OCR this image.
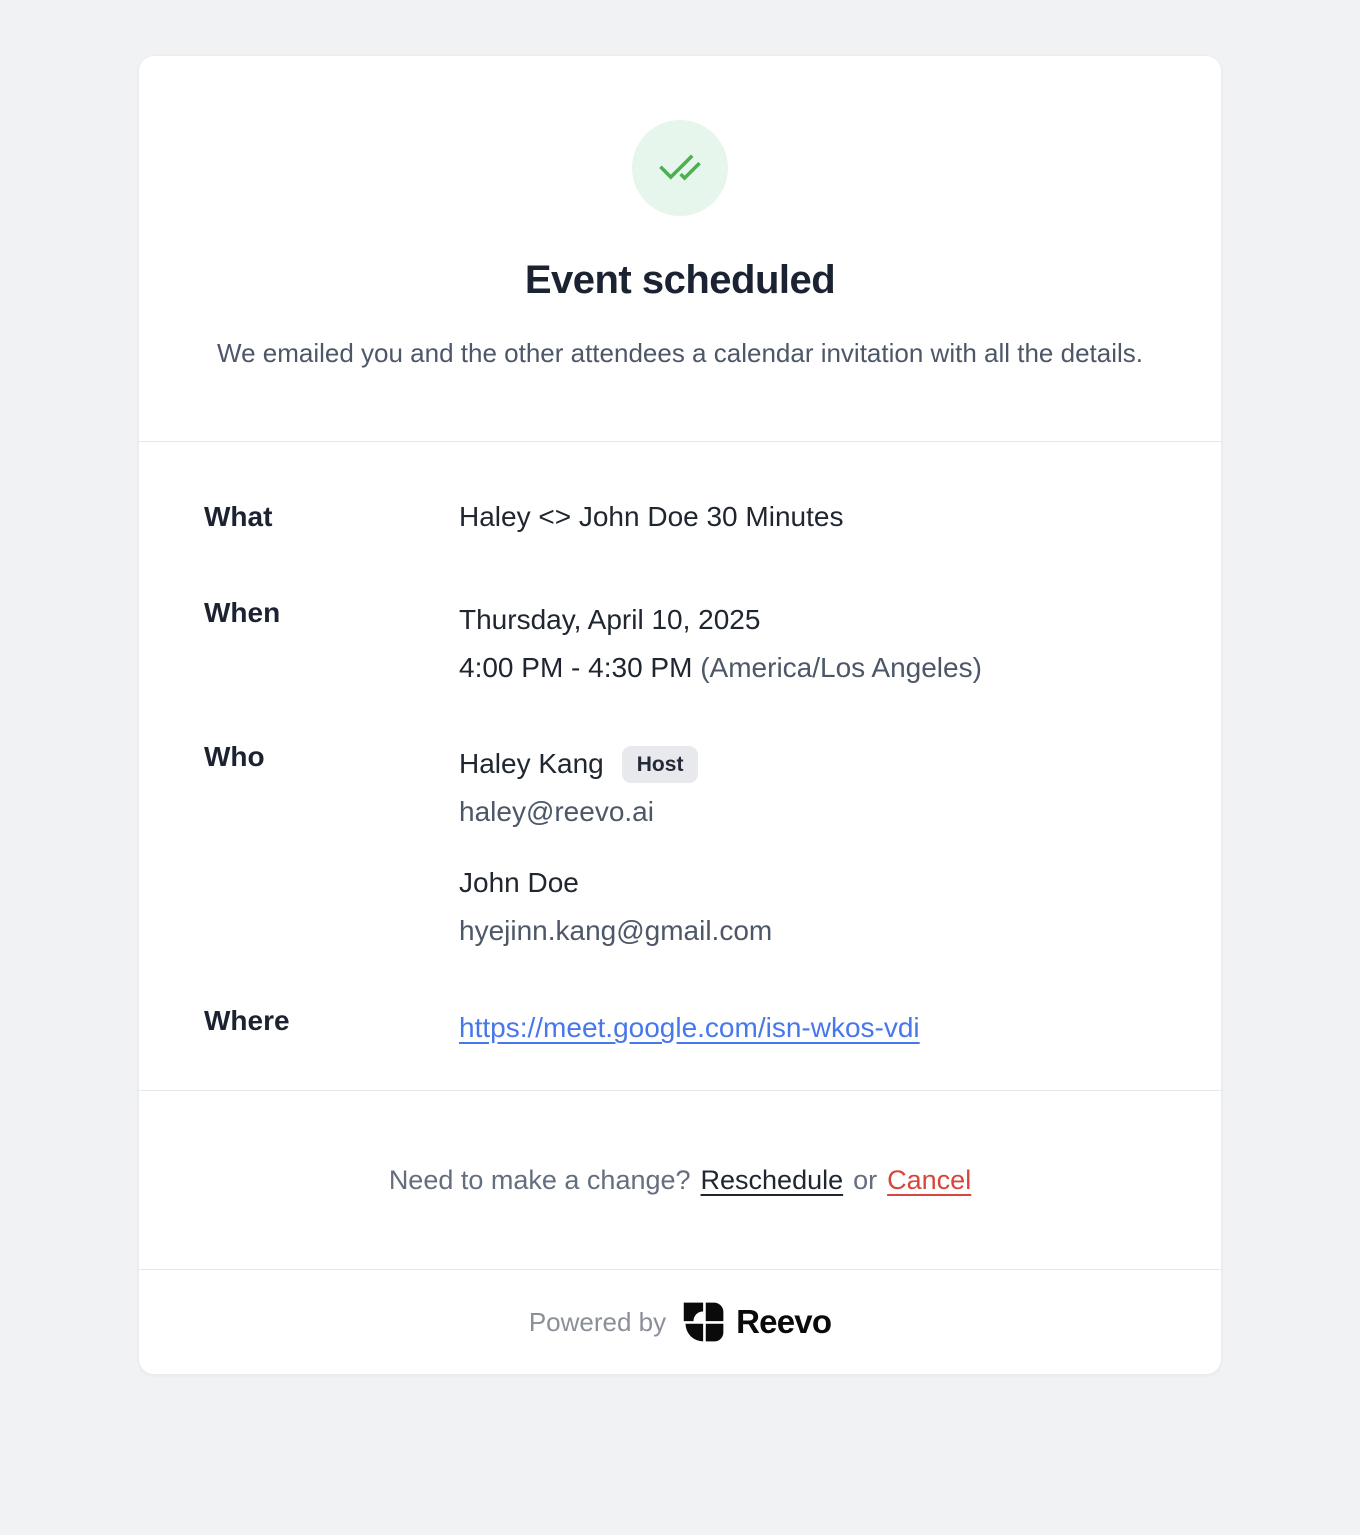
Event scheduled

We emailed you and the other attendees a calendar invitation with all the details.

What	Haley <> John Doe 30 Minutes
When	Thursday, April 10, 2025
4:00 PM - 4:30 PM (America/Los Angeles)
Who	Haley Kang	Host
haley@reevo.ai
John Doe
hyejinn.kang@gmail.com
Where	https://meet.google.com/isn-wkos-vdi
Need to make a change? Reschedule or Cancel
Powered by Reevo
